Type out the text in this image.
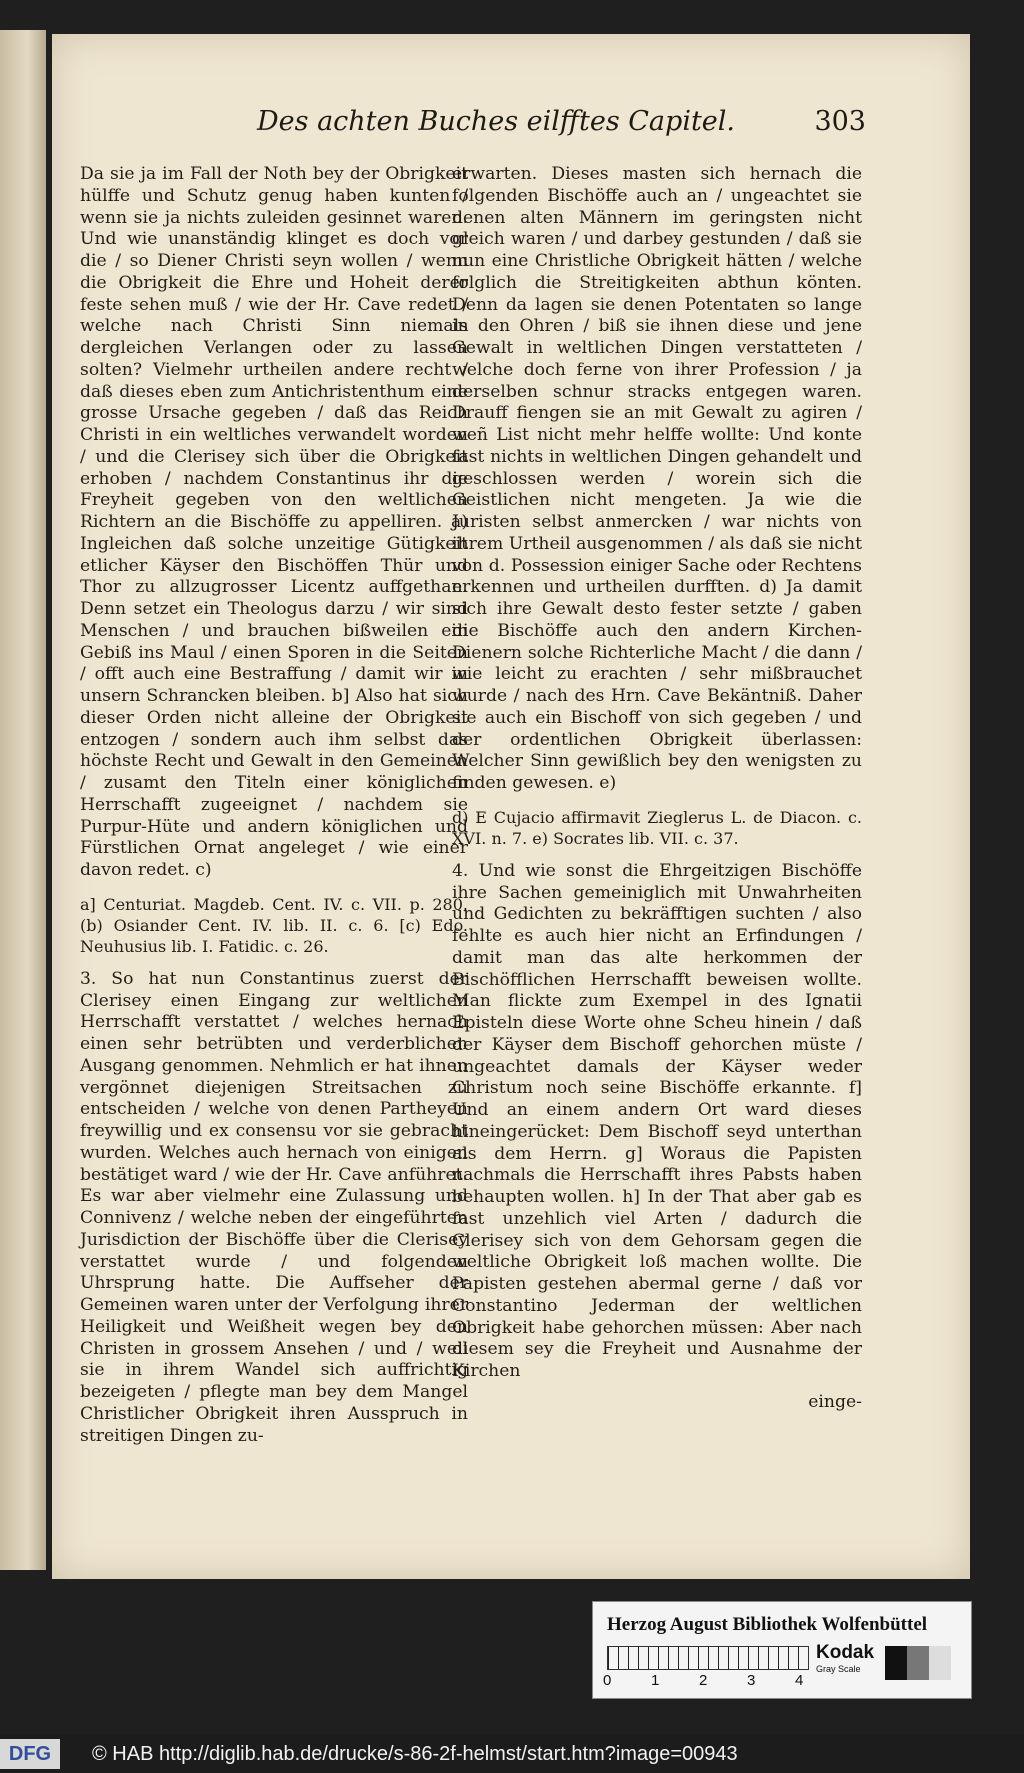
Des achten Buches eilfftes Capitel.	303

Da sie ja im Fall der Noth bey der Obrigkeit hülffe und Schutz genug haben kunten / wenn sie ja nichts zuleiden gesinnet waren. Und wie unanständig klinget es doch vor die / so Diener Christi seyn wollen / wenn die Obrigkeit die Ehre und Hoheit derer feste sehen muß / wie der Hr. Cave redet / welche nach Christi Sinn niemals dergleichen Verlangen oder zu lassen solten? Vielmehr urtheilen andere recht / daß dieses eben zum Antichristenthum eine grosse Ursache gegeben / daß das Reich Christi in ein weltliches verwandelt worden / und die Clerisey sich über die Obrigkeit erhoben / nachdem Constantinus ihr die Freyheit gegeben von den weltlichen Richtern an die Bischöffe zu appelliren. a) Ingleichen daß solche unzeitige Gütigkeit etlicher Käyser den Bischöffen Thür und Thor zu allzugrosser Licentz auffgethan. Denn setzet ein Theologus darzu / wir sind Menschen / und brauchen bißweilen ein Gebiß ins Maul / einen Sporen in die Seiten / offt auch eine Bestraffung / damit wir in unsern Schrancken bleiben. b] Also hat sich dieser Orden nicht alleine der Obrigkeit entzogen / sondern auch ihm selbst das höchste Recht und Gewalt in den Gemeinen / zusamt den Titeln einer königlichen Herrschafft zugeeignet / nachdem sie Purpur-Hüte und andern königlichen und Fürstlichen Ornat angeleget / wie einer davon redet. c)

a] Centuriat. Magdeb. Cent. IV. c. VII. p. 280. (b) Osiander Cent. IV. lib. II. c. 6. [c) Edo. Neuhusius lib. I. Fatidic. c. 26.

3. So hat nun Constantinus zuerst der Clerisey einen Eingang zur weltlichen Herrschafft verstattet / welches hernach einen sehr betrübten und verderblichen Ausgang genommen. Nehmlich er hat ihnen vergönnet diejenigen Streitsachen zu entscheiden / welche von denen Partheyen freywillig und ex consensu vor sie gebracht wurden. Welches auch hernach von einigen bestätiget ward / wie der Hr. Cave anführet. Es war aber vielmehr eine Zulassung und Connivenz / welche neben der eingeführten Jurisdiction der Bischöffe über die Clerisey verstattet wurde / und folgenden Uhrsprung hatte. Die Auffseher der Gemeinen waren unter der Verfolgung ihrer Heiligkeit und Weißheit wegen bey den Christen in grossem Ansehen / und / weil sie in ihrem Wandel sich auffrichtig bezeigeten / pflegte man bey dem Mangel Christlicher Obrigkeit ihren Ausspruch in streitigen Dingen zu-

erwarten. Dieses masten sich hernach die folgenden Bischöffe auch an / ungeachtet sie denen alten Männern im geringsten nicht gleich waren / und darbey gestunden / daß sie nun eine Christliche Obrigkeit hätten / welche folglich die Streitigkeiten abthun könten. Denn da lagen sie denen Potentaten so lange in den Ohren / biß sie ihnen diese und jene Gewalt in weltlichen Dingen verstatteten / welche doch ferne von ihrer Profession / ja derselben schnur stracks entgegen waren. Drauff fiengen sie an mit Gewalt zu agiren / weñ List nicht mehr helffe wollte: Und konte fast nichts in weltlichen Dingen gehandelt und geschlossen werden / worein sich die Geistlichen nicht mengeten. Ja wie die Juristen selbst anmercken / war nichts von ihrem Urtheil ausgenommen / als daß sie nicht von d. Possession einiger Sache oder Rechtens erkennen und urtheilen durfften. d) Ja damit sich ihre Gewalt desto fester setzte / gaben die Bischöffe auch den andern Kirchen-Dienern solche Richterliche Macht / die dann / wie leicht zu erachten / sehr mißbrauchet wurde / nach des Hrn. Cave Bekäntniß. Daher sie auch ein Bischoff von sich gegeben / und der ordentlichen Obrigkeit überlassen: Welcher Sinn gewißlich bey den wenigsten zu finden gewesen. e)

d) E Cujacio affirmavit Zieglerus L. de Diacon. c. XVI. n. 7. e) Socrates lib. VII. c. 37.

4. Und wie sonst die Ehrgeitzigen Bischöffe ihre Sachen gemeiniglich mit Unwahrheiten und Gedichten zu bekräfftigen suchten / also fehlte es auch hier nicht an Erfindungen / damit man das alte herkommen der Bischöfflichen Herrschafft beweisen wollte. Man flickte zum Exempel in des Ignatii Episteln diese Worte ohne Scheu hinein / daß der Käyser dem Bischoff gehorchen müste / ungeachtet damals der Käyser weder Christum noch seine Bischöffe erkannte. f] Und an einem andern Ort ward dieses hineingerücket: Dem Bischoff seyd unterthan als dem Herrn. g] Woraus die Papisten nachmals die Herrschafft ihres Pabsts haben behaupten wollen. h] In der That aber gab es fast unzehlich viel Arten / dadurch die Clerisey sich von dem Gehorsam gegen die weltliche Obrigkeit loß machen wollte. Die Papisten gestehen abermal gerne / daß vor Constantino Jederman der weltlichen Obrigkeit habe gehorchen müssen: Aber nach diesem sey die Freyheit und Ausnahme der Kirchen

einge-

Herzog August Bibliothek Wolfenbüttel
0	1	2	3	4
Kodak
Gray Scale
DFG	© HAB http://diglib.hab.de/drucke/s-86-2f-helmst/start.htm?image=00943
